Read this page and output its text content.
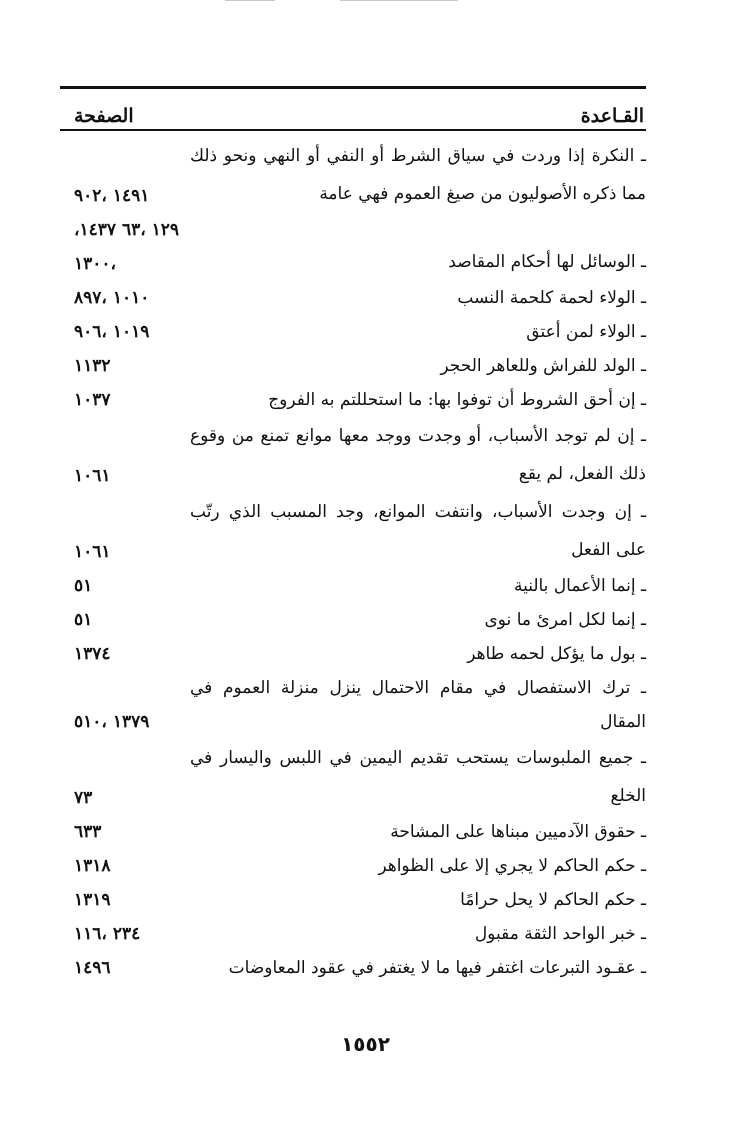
القـاعدة
الصفحة
ـ النكرة إذا وردت في سياق الشرط أو النفي أو النهي ونحو ذلك مما ذكره الأصوليون من صيغ العموم فهي عامة
١٤٩١ ،٩٠٢
ـ الوسائل لها أحكام المقاصد
،١٢٩ ،٦٣ ١٤٣٧ ،١٣٠٠
ـ الولاء لحمة كلحمة النسب
١٠١٠ ،٨٩٧
ـ الولاء لمن أعتق
١٠١٩ ،٩٠٦
ـ الولد للفراش وللعاهر الحجر
١١٣٢
ـ إن أحق الشروط أن توفوا بها: ما استحللتم به الفروج
١٠٣٧
ـ إن لم توجد الأسباب، أو وجدت ووجد معها موانع تمنع من وقوع ذلك الفعل، لم يقع
١٠٦١
ـ إن وجدت الأسباب، وانتفت الموانع، وجد المسبب الذي رتّب على الفعل
١٠٦١
ـ إنما الأعمال بالنية
٥١
ـ إنما لكل امرئ ما نوى
٥١
ـ بول ما يؤكل لحمه طاهر
١٣٧٤
ـ ترك الاستفصال في مقام الاحتمال ينزل منزلة العموم في المقال
١٣٧٩ ،٥١٠
ـ جميع الملبوسات يستحب تقديم اليمين في اللبس واليسار في الخلع
٧٣
ـ حقوق الآدميين مبناها على المشاحة
٦٣٣
ـ حكم الحاكم لا يجري إلا على الظواهر
١٣١٨
ـ حكم الحاكم لا يحل حرامًا
١٣١٩
ـ خبر الواحد الثقة مقبول
٢٣٤ ،١١٦
ـ عقـود التبرعات اغتفر فيها ما لا يغتفر في عقود المعاوضات
١٤٩٦
١٥٥٢
